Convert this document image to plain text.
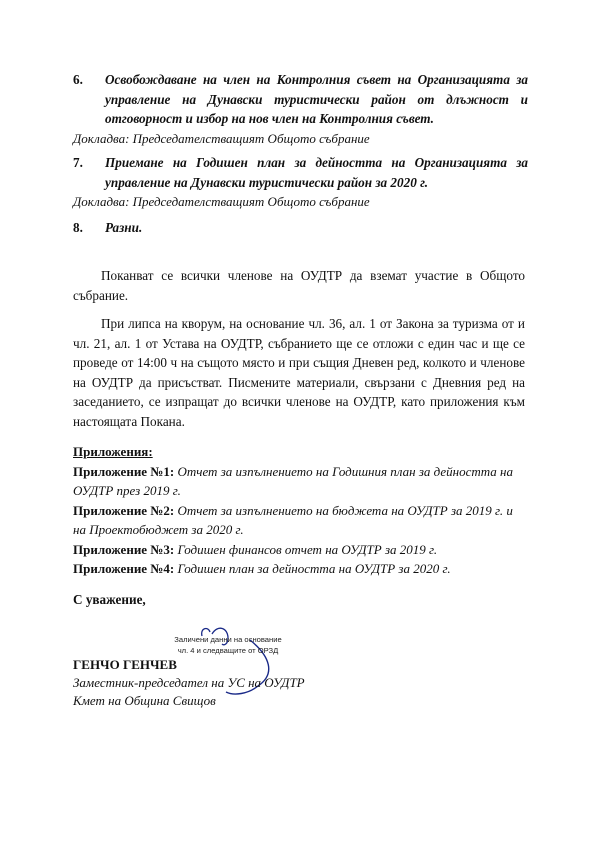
6.	Освобождаване на член на Контролния съвет на Организацията за управление на Дунавски туристически район от длъжност и отговорност и избор на нов член на Контролния съвет.
Докладва: Председателстващият Общото събрание
7.	Приемане на Годишен план за дейността на Организацията за управление на Дунавски туристически район за 2020 г.
Докладва: Председателстващият Общото събрание
8.	Разни.
Поканват се всички членове на ОУДТР да вземат участие в Общото събрание.
При липса на кворум, на основание чл. 36, ал. 1 от Закона за туризма от и чл. 21, ал. 1 от Устава на ОУДТР, събранието ще се отложи с един час и ще се проведе от 14:00 ч на същото място и при същия Дневен ред, колкото и членове на ОУДТР да присъстват. Писмените материали, свързани с Дневния ред на заседанието, се изпращат до всички членове на ОУДТР, като приложения към настоящата Покана.
Приложения:
Приложение №1: Отчет за изпълнението на Годишния план за дейността на ОУДТР през 2019 г.
Приложение №2: Отчет за изпълнението на бюджета на ОУДТР за 2019 г. и на Проектобюджет за 2020 г.
Приложение №3: Годишен финансов отчет на ОУДТР за 2019 г.
Приложение №4: Годишен план за дейността на ОУДТР за 2020 г.
С уважение,
Заличени данни на основание
чл. 4 и следващите от ОРЗД
ГЕНЧО ГЕНЧЕВ
Заместник-председател на УС на ОУДТР
Кмет на Община Свищов
